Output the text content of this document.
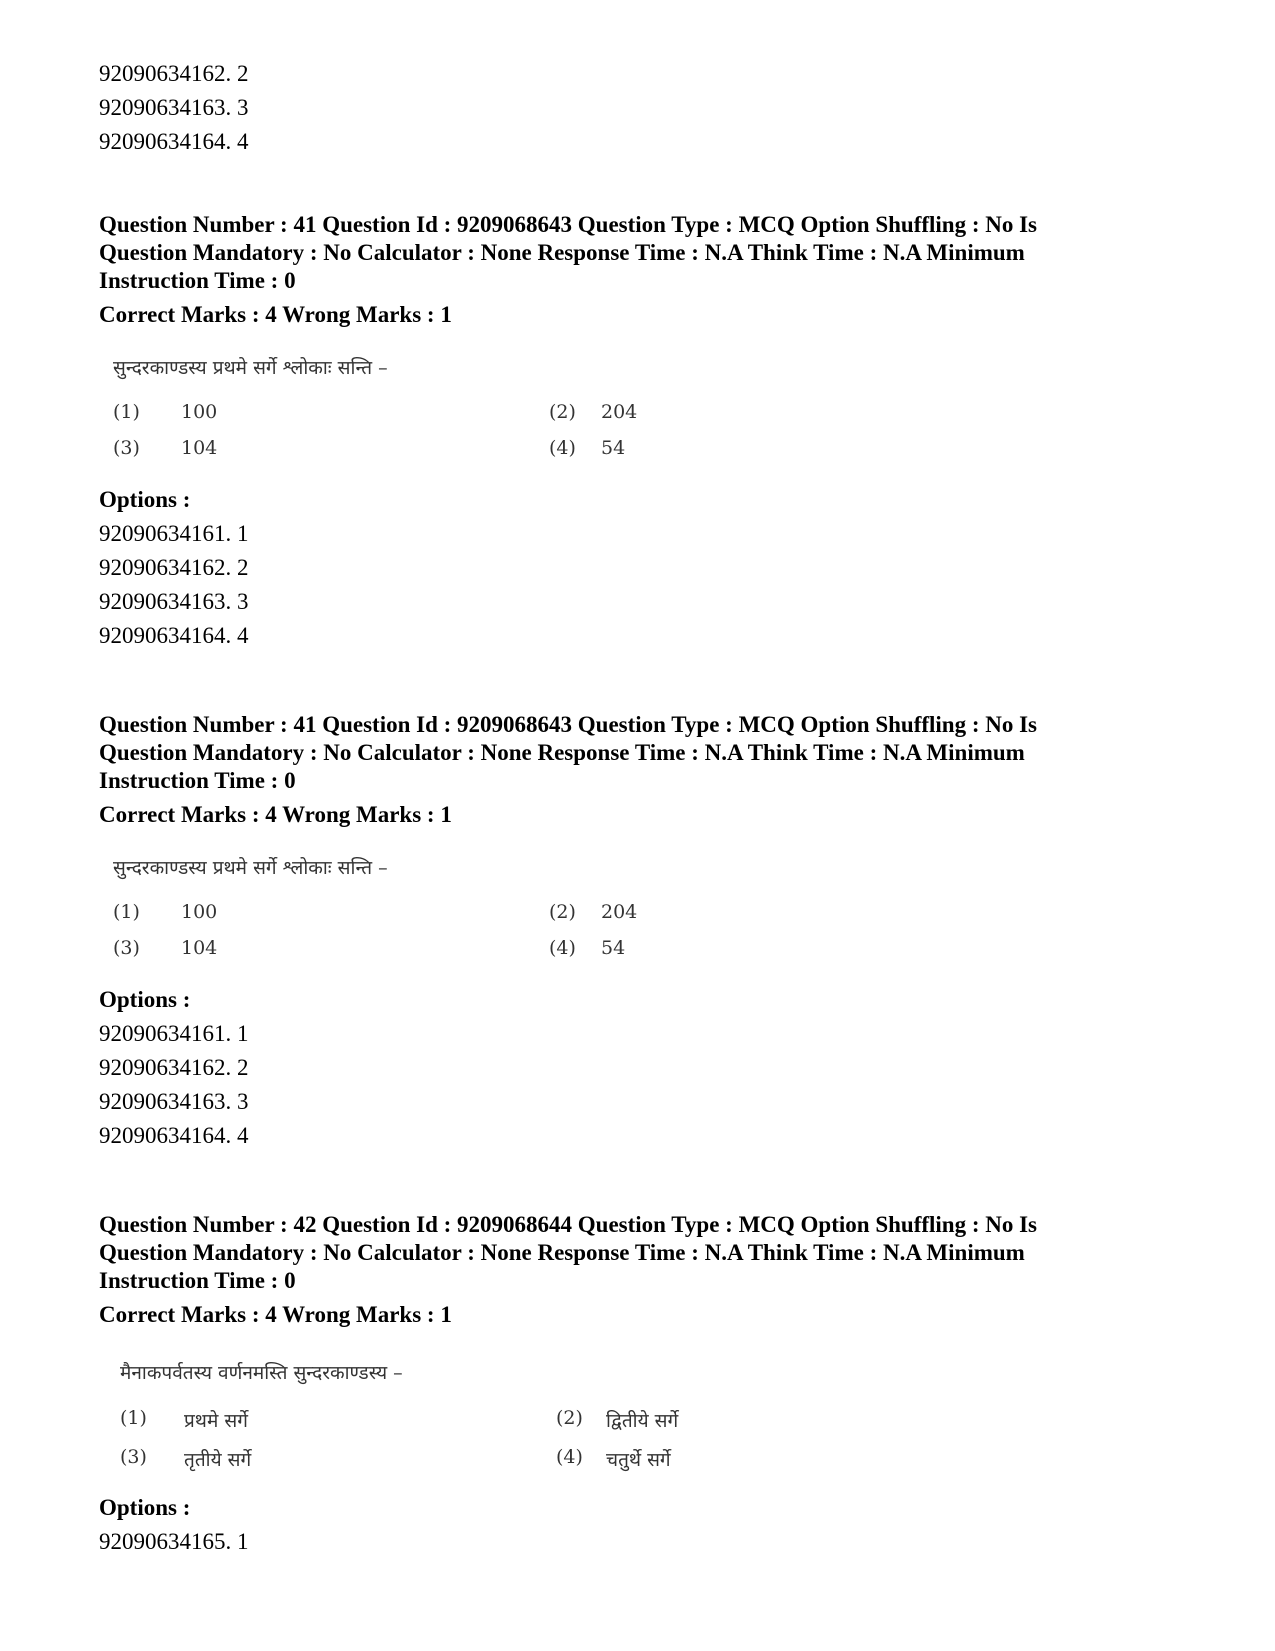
92090634162. 2
92090634163. 3
92090634164. 4
Question Number : 41 Question Id : 9209068643 Question Type : MCQ Option Shuffling : No Is
Question Mandatory : No Calculator : None Response Time : N.A Think Time : N.A Minimum
Instruction Time : 0
Correct Marks : 4 Wrong Marks : 1
सुन्दरकाण्डस्य प्रथमे सर्गे श्लोकाः सन्ति –
(1) 100	(2) 204
(3) 104	(4) 54
Options :
92090634161. 1
92090634162. 2
92090634163. 3
92090634164. 4
Question Number : 41 Question Id : 9209068643 Question Type : MCQ Option Shuffling : No Is
Question Mandatory : No Calculator : None Response Time : N.A Think Time : N.A Minimum
Instruction Time : 0
Correct Marks : 4 Wrong Marks : 1
सुन्दरकाण्डस्य प्रथमे सर्गे श्लोकाः सन्ति –
(1) 100	(2) 204
(3) 104	(4) 54
Options :
92090634161. 1
92090634162. 2
92090634163. 3
92090634164. 4
Question Number : 42 Question Id : 9209068644 Question Type : MCQ Option Shuffling : No Is
Question Mandatory : No Calculator : None Response Time : N.A Think Time : N.A Minimum
Instruction Time : 0
Correct Marks : 4 Wrong Marks : 1
मैनाकपर्वतस्य वर्णनमस्ति सुन्दरकाण्डस्य –
(1) प्रथमे सर्गे	(2) द्वितीये सर्गे
(3) तृतीये सर्गे	(4) चतुर्थे सर्गे
Options :
92090634165. 1
